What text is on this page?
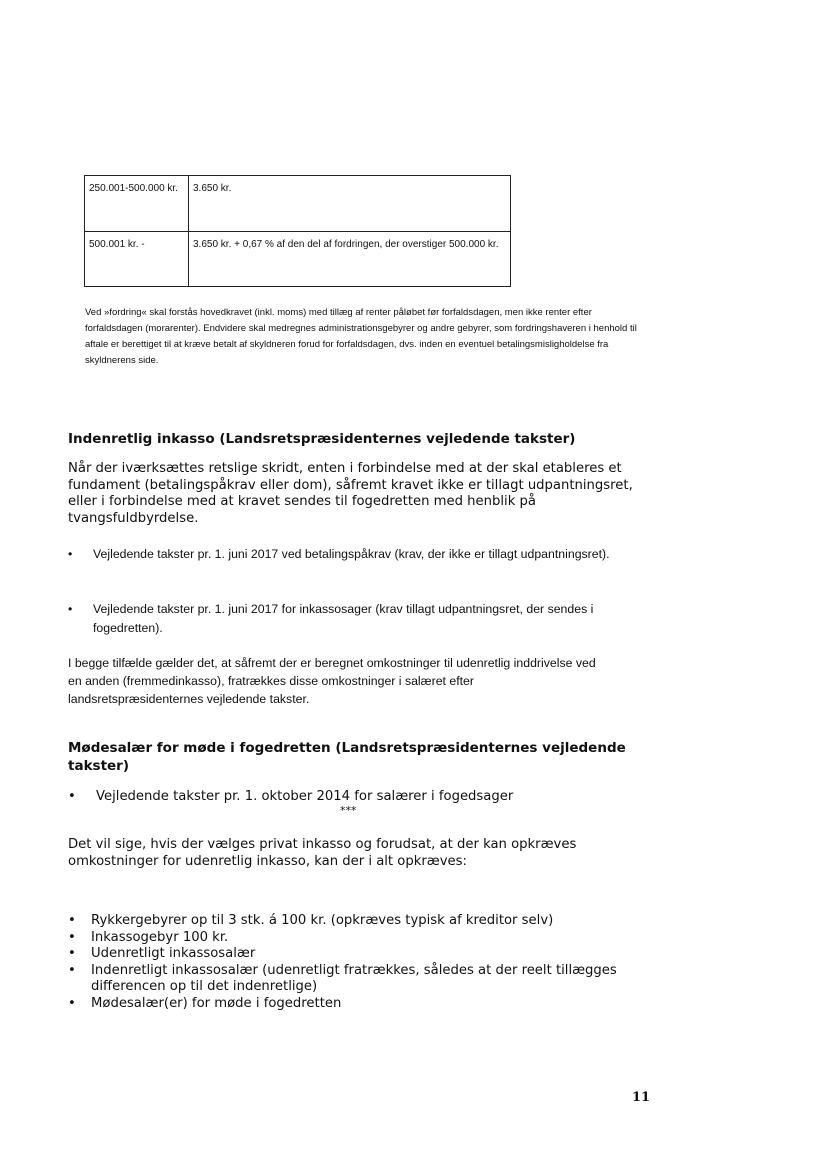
250.001-500.000 kr.	3.650 kr.
500.001 kr. -	3.650 kr. + 0,67 % af den del af fordringen, der overstiger 500.000 kr.

Ved »fordring« skal forstås hovedkravet (inkl. moms) med tillæg af renter påløbet før forfaldsdagen, men ikke renter efter forfaldsdagen (morarenter). Endvidere skal medregnes administrationsgebyrer og andre gebyrer, som fordringshaveren i henhold til aftale er berettiget til at kræve betalt af skyldneren forud for forfaldsdagen, dvs. inden en eventuel betalingsmisligholdelse fra skyldnerens side.

Indenretlig inkasso (Landsretspræsidenternes vejledende takster)

Når der iværksættes retslige skridt, enten i forbindelse med at der skal etableres et fundament (betalingspåkrav eller dom), såfremt kravet ikke er tillagt udpantningsret, eller i forbindelse med at kravet sendes til fogedretten med henblik på tvangsfuldbyrdelse.

• Vejledende takster pr. 1. juni 2017 ved betalingspåkrav (krav, der ikke er tillagt udpantningsret).
• Vejledende takster pr. 1. juni 2017 for inkassosager (krav tillagt udpantningsret, der sendes i fogedretten).

I begge tilfælde gælder det, at såfremt der er beregnet omkostninger til udenretlig inddrivelse ved en anden (fremmedinkasso), fratrækkes disse omkostninger i salæret efter landsretspræsidenternes vejledende takster.

Mødesalær for møde i fogedretten (Landsretspræsidenternes vejledende takster)
• Vejledende takster pr. 1. oktober 2014 for salærer i fogedsager

***

Det vil sige, hvis der vælges privat inkasso og forudsat, at der kan opkræves omkostninger for udenretlig inkasso, kan der i alt opkræves:

• Rykkergebyrer op til 3 stk. á 100 kr. (opkræves typisk af kreditor selv)
• Inkassogebyr 100 kr.
• Udenretligt inkassosalær
• Indenretligt inkassosalær (udenretligt fratrækkes, således at der reelt tillægges differencen op til det indenretlige)
• Mødesalær(er) for møde i fogedretten

11
